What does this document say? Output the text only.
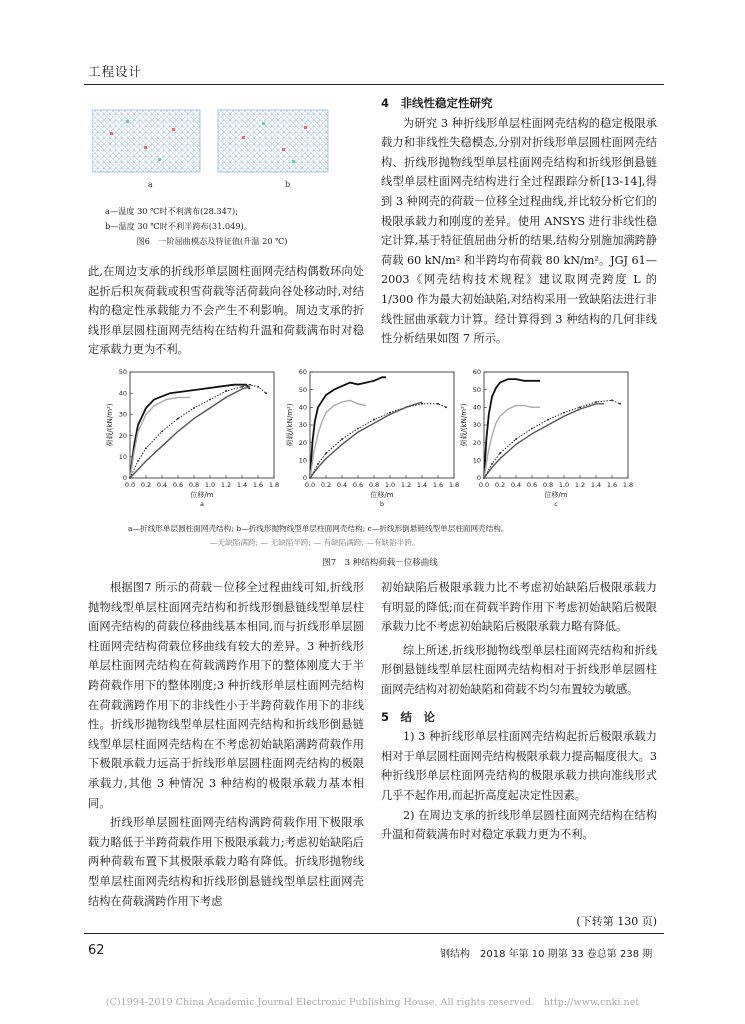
工程设计
a	b
a—温度 30 ℃时不利满布(28.347);
b—温度 30 ℃时不利半跨布(31.049)。
图6　一阶屈曲模态及特征值(升温 20 ℃)
此,在周边支承的折线形单层圆柱面网壳结构偶数环向处起折后积灰荷载或积雪荷载等活荷载向谷处移动时,对结构的稳定性承载能力不会产生不利影响。周边支承的折线形单层圆柱面网壳结构在结构升温和荷载满布时对稳定承载力更为不利。
4　非线性稳定性研究
为研究 3 种折线形单层柱面网壳结构的稳定极限承载力和非线性失稳模态,分别对折线形单层圆柱面网壳结构、折线形抛物线型单层柱面网壳结构和折线形倒悬链线型单层柱面网壳结构进行全过程跟踪分析[13-14],得到 3 种网壳的荷载－位移全过程曲线,并比较分析它们的极限承载力和刚度的差异。使用 ANSYS 进行非线性稳定计算,基于特征值屈曲分析的结果,结构分别施加满跨静荷载 60 kN/m² 和半跨均布荷载 80 kN/m²。JGJ 61—2003《网壳结构技术规程》建议取网壳跨度 L 的 1/300 作为最大初始缺陷,对结构采用一致缺陷法进行非线性屈曲承载力计算。经计算得到 3 种结构的几何非线性分析结果如图 7 所示。
0.0 0.2 0.4 0.6 0.8 1.0 1.2 1.4 1.6 1.8
0
10
20
30
40
50
位移/m
荷载/(kN/m²)
a
0.0 0.2 0.4 0.6 0.8 1.0 1.2 1.4 1.6 1.8
0
10
20
30
40
50
60
位移/m
荷载/(kN/m²)
b
0.0 0.2 0.4 0.6 0.8 1.0 1.2 1.4 1.6 1.8
0
10
20
30
40
50
60
位移/m
荷载/(kN/m²)
c
a—折线形单层圆柱面网壳结构; b—折线形抛物线型单层柱面网壳结构; c—折线形倒悬链线型单层柱面网壳结构。
—无缺陷满跨; — 无缺陷半跨; — 有缺陷满跨; —有缺陷半跨。
图7　3 种结构荷载－位移曲线
根据图7 所示的荷载－位移全过程曲线可知,折线形抛物线型单层柱面网壳结构和折线形倒悬链线型单层柱面网壳结构的荷载位移曲线基本相同,而与折线形单层圆柱面网壳结构荷载位移曲线有较大的差异。3 种折线形单层柱面网壳结构在荷载满跨作用下的整体刚度大于半跨荷载作用下的整体刚度;3 种折线形单层柱面网壳结构在荷载满跨作用下的非线性小于半跨荷载作用下的非线性。折线形抛物线型单层柱面网壳结构和折线形倒悬链线型单层柱面网壳结构在不考虑初始缺陷满跨荷载作用下极限承载力远高于折线形单层圆柱面网壳结构的极限承载力,其他 3 种情况 3 种结构的极限承载力基本相同。
折线形单层圆柱面网壳结构满跨荷载作用下极限承载力略低于半跨荷载作用下极限承载力;考虑初始缺陷后两种荷载布置下其极限承载力略有降低。折线形抛物线型单层柱面网壳结构和折线形倒悬链线型单层柱面网壳结构在荷载满跨作用下考虑
初始缺陷后极限承载力比不考虑初始缺陷后极限承载力有明显的降低;而在荷载半跨作用下考虑初始缺陷后极限承载力比不考虑初始缺陷后极限承载力略有降低。
综上所述,折线形抛物线型单层柱面网壳结构和折线形倒悬链线型单层柱面网壳结构相对于折线形单层圆柱面网壳结构对初始缺陷和荷载不均匀布置较为敏感。
5　结　论
1) 3 种折线形单层柱面网壳结构起折后极限承载力相对于单层圆柱面网壳结构极限承载力提高幅度很大。3 种折线形单层柱面网壳结构的极限承载力拱向准线形式几乎不起作用,而起折高度起决定性因素。
2) 在周边支承的折线形单层圆柱面网壳结构在结构升温和荷载满布时对稳定承载力更为不利。
(下转第 130 页)
62	钢结构　2018 年第 10 期第 33 卷总第 238 期
(C)1994-2019 China Academic Journal Electronic Publishing House. All rights reserved.　http://www.cnki.net
